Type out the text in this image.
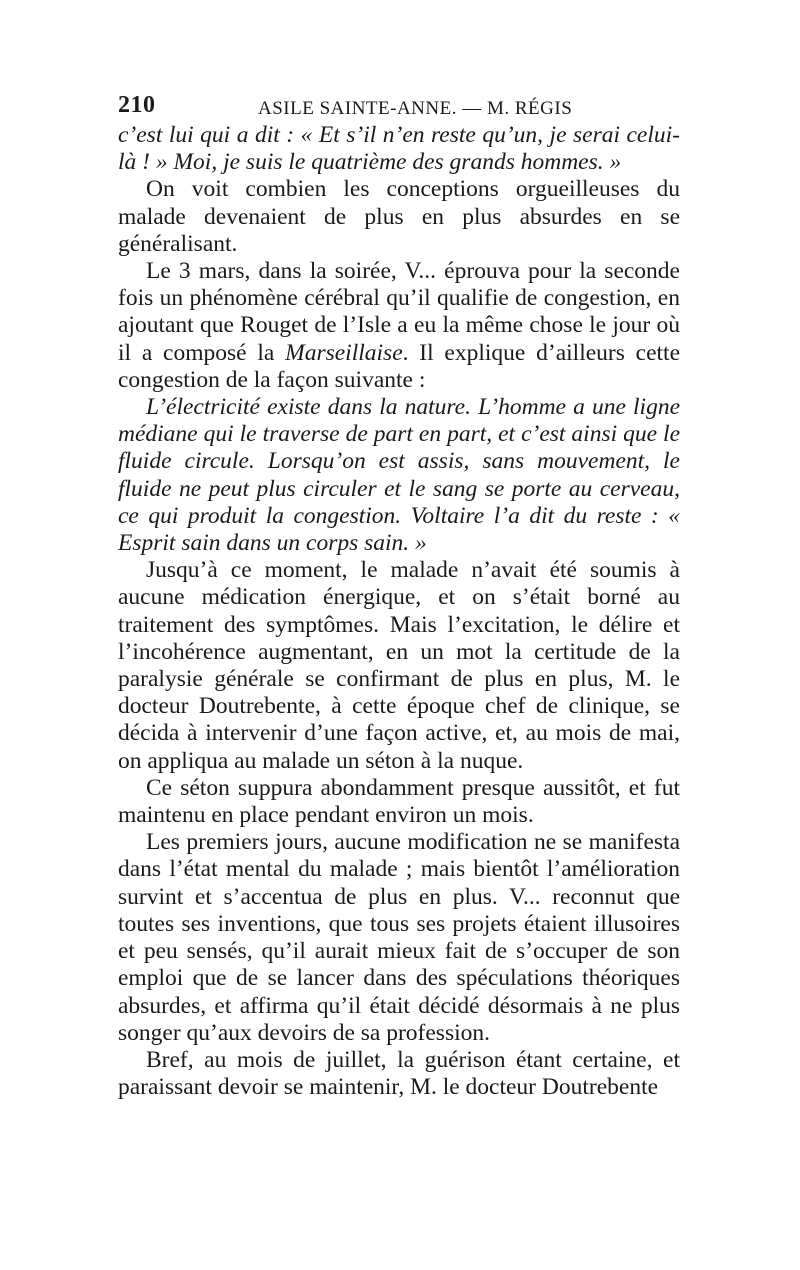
210	ASILE SAINTE-ANNE. — M. RÉGIS

c’est lui qui a dit : « Et s’il n’en reste qu’un, je serai celui-là ! » Moi, je suis le quatrième des grands hommes. »

On voit combien les conceptions orgueilleuses du malade devenaient de plus en plus absurdes en se généralisant.

Le 3 mars, dans la soirée, V... éprouva pour la seconde fois un phénomène cérébral qu’il qualifie de congestion, en ajoutant que Rouget de l’Isle a eu la même chose le jour où il a composé la Marseillaise. Il explique d’ailleurs cette congestion de la façon suivante :

L’électricité existe dans la nature. L’homme a une ligne médiane qui le traverse de part en part, et c’est ainsi que le fluide circule. Lorsqu’on est assis, sans mouvement, le fluide ne peut plus circuler et le sang se porte au cerveau, ce qui produit la congestion. Voltaire l’a dit du reste : « Esprit sain dans un corps sain. »

Jusqu’à ce moment, le malade n’avait été soumis à aucune médication énergique, et on s’était borné au traitement des symptômes. Mais l’excitation, le délire et l’incohérence augmentant, en un mot la certitude de la paralysie générale se confirmant de plus en plus, M. le docteur Doutrebente, à cette époque chef de clinique, se décida à intervenir d’une façon active, et, au mois de mai, on appliqua au malade un séton à la nuque.

Ce séton suppura abondamment presque aussitôt, et fut maintenu en place pendant environ un mois.

Les premiers jours, aucune modification ne se manifesta dans l’état mental du malade ; mais bientôt l’amélioration survint et s’accentua de plus en plus. V... reconnut que toutes ses inventions, que tous ses projets étaient illusoires et peu sensés, qu’il aurait mieux fait de s’occuper de son emploi que de se lancer dans des spéculations théoriques absurdes, et affirma qu’il était décidé désormais à ne plus songer qu’aux devoirs de sa profession.

Bref, au mois de juillet, la guérison étant certaine, et paraissant devoir se maintenir, M. le docteur Doutrebente
